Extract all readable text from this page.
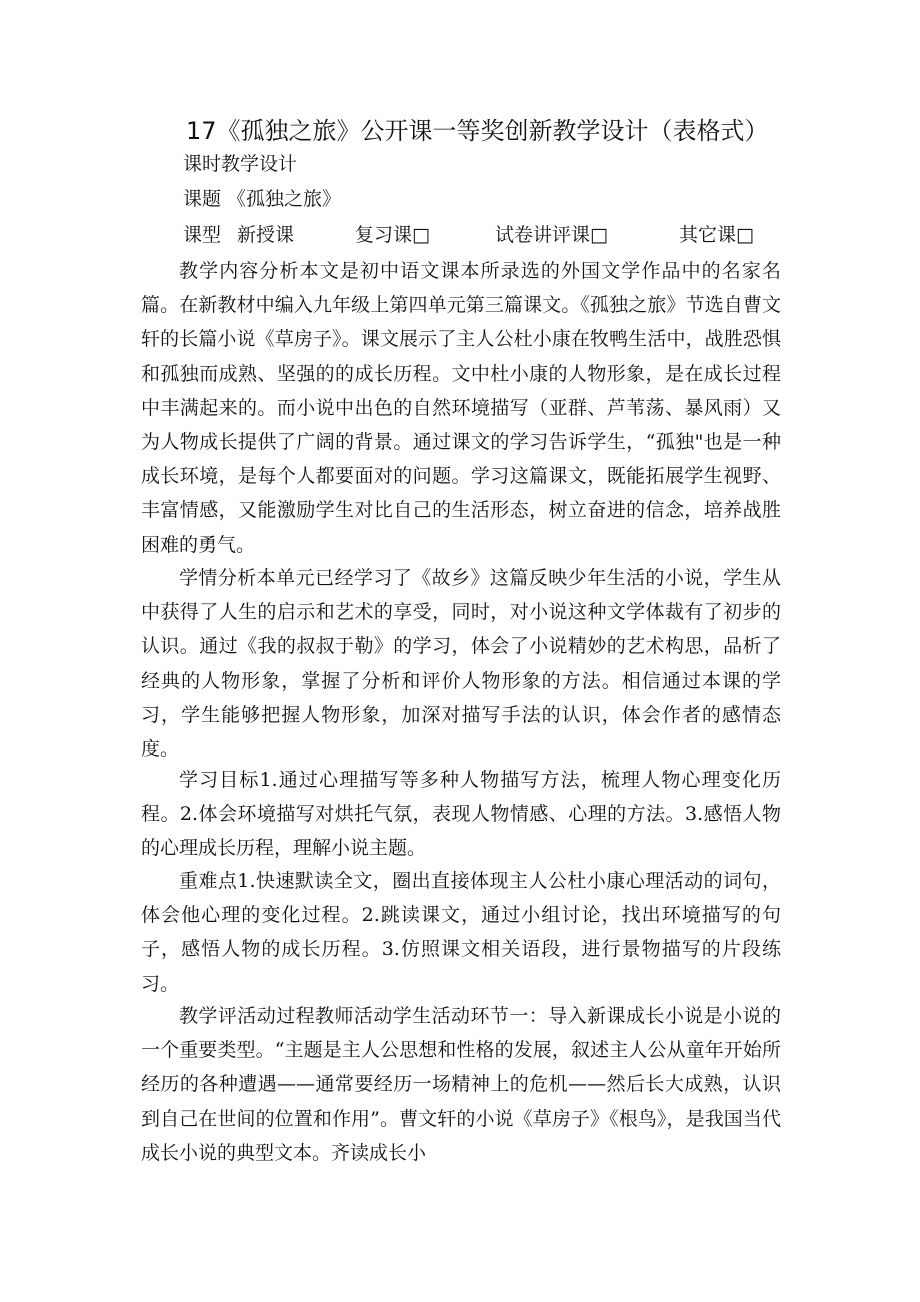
17《孤独之旅》公开课一等奖创新教学设计（表格式）
课时教学设计
课题 《孤独之旅》
课型 新授课	复习课□	试卷讲评课□	其它课□

教学内容分析本文是初中语文课本所录选的外国文学作品中的名家名篇。在新教材中编入九年级上第四单元第三篇课文。《孤独之旅》节选自曹文轩的长篇小说《草房子》。课文展示了主人公杜小康在牧鸭生活中，战胜恐惧和孤独而成熟、坚强的的成长历程。文中杜小康的人物形象，是在成长过程中丰满起来的。而小说中出色的自然环境描写（亚群、芦苇荡、暴风雨）又为人物成长提供了广阔的背景。通过课文的学习告诉学生，“孤独"也是一种成长环境，是每个人都要面对的问题。学习这篇课文，既能拓展学生视野、丰富情感，又能激励学生对比自己的生活形态，树立奋进的信念，培养战胜困难的勇气。

学情分析本单元已经学习了《故乡》这篇反映少年生活的小说，学生从中获得了人生的启示和艺术的享受，同时，对小说这种文学体裁有了初步的认识。通过《我的叔叔于勒》的学习，体会了小说精妙的艺术构思，品析了经典的人物形象，掌握了分析和评价人物形象的方法。相信通过本课的学习，学生能够把握人物形象，加深对描写手法的认识，体会作者的感情态度。

学习目标1.通过心理描写等多种人物描写方法，梳理人物心理变化历程。2.体会环境描写对烘托气氛，表现人物情感、心理的方法。3.感悟人物的心理成长历程，理解小说主题。

重难点1.快速默读全文，圈出直接体现主人公杜小康心理活动的词句，体会他心理的变化过程。2.跳读课文，通过小组讨论，找出环境描写的句子，感悟人物的成长历程。3.仿照课文相关语段，进行景物描写的片段练习。

教学评活动过程教师活动学生活动环节一：导入新课成长小说是小说的一个重要类型。“主题是主人公思想和性格的发展，叙述主人公从童年开始所经历的各种遭遇——通常要经历一场精神上的危机——然后长大成熟，认识到自己在世间的位置和作用”。曹文轩的小说《草房子》《根鸟》，是我国当代成长小说的典型文本。齐读成长小
